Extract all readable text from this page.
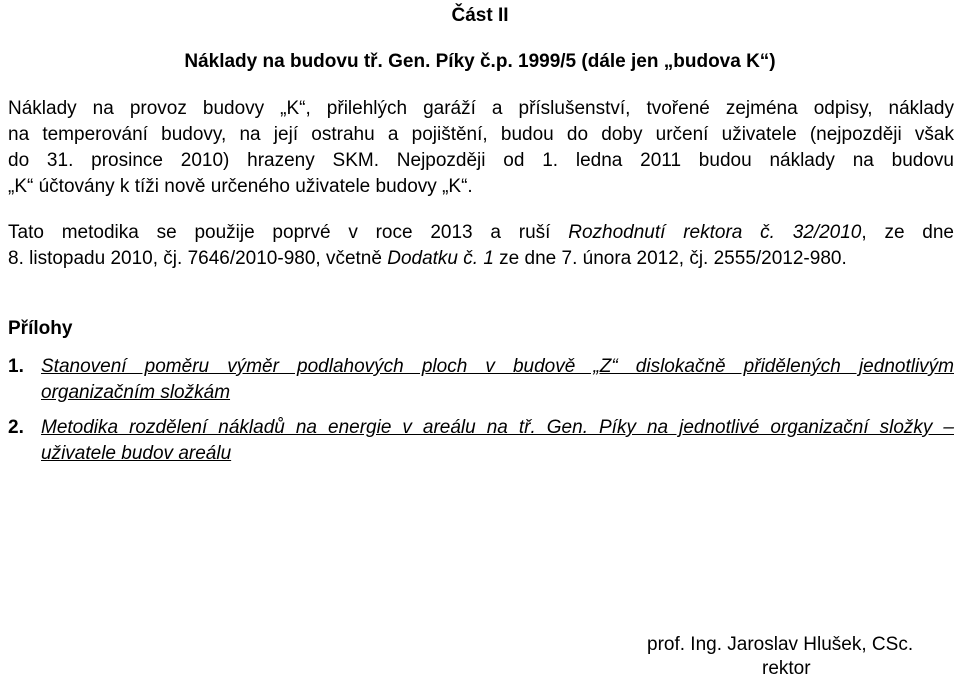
Část II
Náklady na budovu tř. Gen. Píky č.p. 1999/5 (dále jen „budova K“)
Náklady na provoz budovy „K“, přilehlých garáží a příslušenství, tvořené zejména odpisy, náklady
na temperování budovy, na její ostrahu a pojištění, budou do doby určení uživatele (nejpozději však
do 31. prosince 2010) hrazeny SKM. Nejpozději od 1. ledna 2011 budou náklady na budovu
„K“ účtovány k tíži nově určeného uživatele budovy „K“.
Tato metodika se použije poprvé v roce 2013 a ruší Rozhodnutí rektora č. 32/2010, ze dne
8. listopadu 2010, čj. 7646/2010-980, včetně Dodatku č. 1 ze dne 7. února 2012, čj. 2555/2012-980.
Přílohy
1. Stanovení poměru výměr podlahových ploch v budově „Z“ dislokačně přidělených jednotlivým
organizačním složkám
2. Metodika rozdělení nákladů na energie v areálu na tř. Gen. Píky na jednotlivé organizační složky –
uživatele budov areálu
prof. Ing. Jaroslav Hlušek, CSc.
rektor
